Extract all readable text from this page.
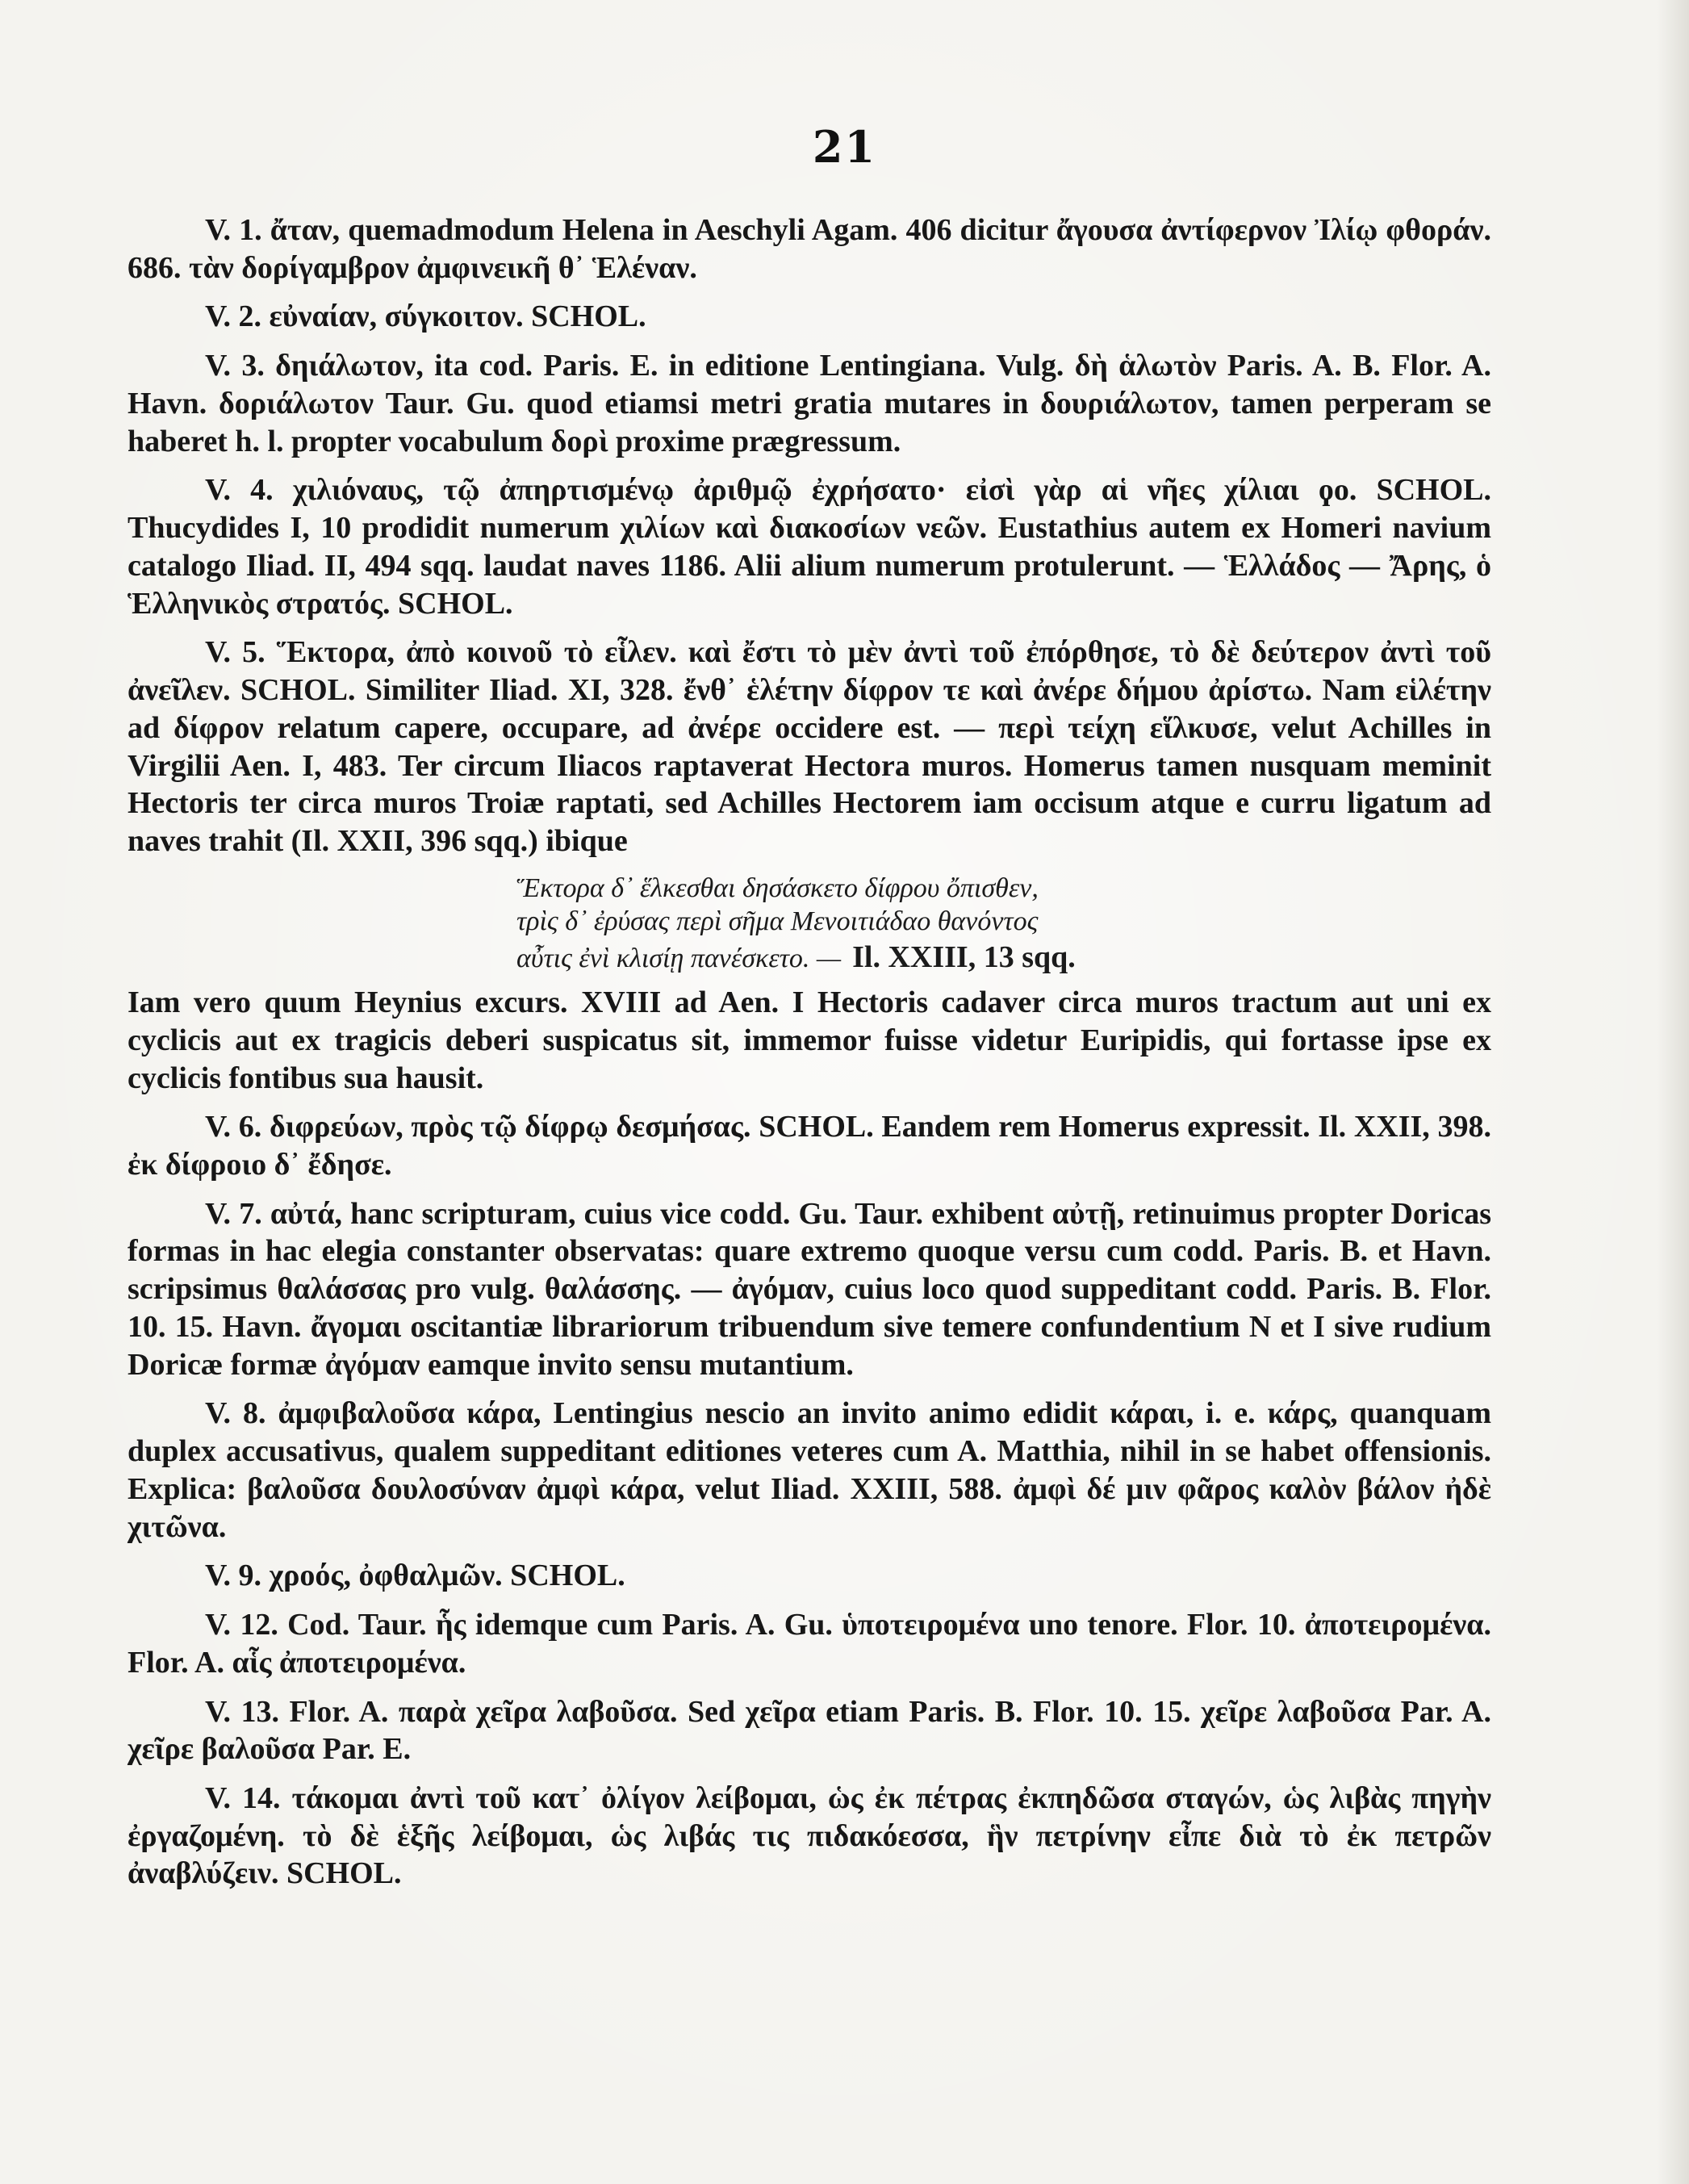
21

V. 1. ἄταν, quemadmodum Helena in Aeschyli Agam. 406 dicitur ἄγουσα ἀντίφερνον Ἰλίῳ φθοράν. 686. τὰν δορίγαμβρον ἀμφινεικῆ θ᾽ Ἑλέναν.

V. 2. εὐναίαν, σύγκοιτον. SCHOL.

V. 3. δηιάλωτον, ita cod. Paris. E. in editione Lentingiana. Vulg. δὴ ἁλωτὸν Paris. A. B. Flor. A. Havn. δοριάλωτον Taur. Gu. quod etiamsi metri gratia mutares in δουριάλωτον, tamen perperam se haberet h. l. propter vocabulum δορὶ proxime prægressum.

V. 4. χιλιόναυς, τῷ ἀπηρτισμένῳ ἀριθμῷ ἐχρήσατο· εἰσὶ γὰρ αἱ νῆες χίλιαι ϙο. SCHOL. Thucydides I, 10 prodidit numerum χιλίων καὶ διακοσίων νεῶν. Eustathius autem ex Homeri navium catalogo Iliad. II, 494 sqq. laudat naves 1186. Alii alium numerum protulerunt. — Ἑλλάδος — Ἄρης, ὁ Ἑλληνικὸς στρατός. SCHOL.

V. 5. Ἕκτορα, ἀπὸ κοινοῦ τὸ εἷλεν. καὶ ἔστι τὸ μὲν ἀντὶ τοῦ ἐπόρθησε, τὸ δὲ δεύτερον ἀντὶ τοῦ ἀνεῖλεν. SCHOL. Similiter Iliad. XI, 328. ἔνθ᾽ ἑλέτην δίφρον τε καὶ ἀνέρε δήμου ἀρίστω. Nam εἱλέτην ad δίφρον relatum capere, occupare, ad ἀνέρε occidere est. — περὶ τείχη εἵλκυσε, velut Achilles in Virgilii Aen. I, 483. Ter circum Iliacos raptaverat Hectora muros. Homerus tamen nusquam meminit Hectoris ter circa muros Troiæ raptati, sed Achilles Hectorem iam occisum atque e curru ligatum ad naves trahit (Il. XXII, 396 sqq.) ibique

Ἕκτορα δ᾽ ἕλκεσθαι δησάσκετο δίφρου ὄπισθεν,
τρὶς δ᾽ ἐρύσας περὶ σῆμα Μενοιτιάδαο θανόντος
αὖτις ἐνὶ κλισίῃ πανέσκετο. — Il. XXIII, 13 sqq.

Iam vero quum Heynius excurs. XVIII ad Aen. I Hectoris cadaver circa muros tractum aut uni ex cyclicis aut ex tragicis deberi suspicatus sit, immemor fuisse videtur Euripidis, qui fortasse ipse ex cyclicis fontibus sua hausit.

V. 6. διφρεύων, πρὸς τῷ δίφρῳ δεσμήσας. SCHOL. Eandem rem Homerus expressit. Il. XXII, 398. ἐκ δίφροιο δ᾽ ἔδησε.

V. 7. αὐτά, hanc scripturam, cuius vice codd. Gu. Taur. exhibent αὐτῇ, retinuimus propter Doricas formas in hac elegia constanter observatas: quare extremo quoque versu cum codd. Paris. B. et Havn. scripsimus θαλάσσας pro vulg. θαλάσσης. — ἀγόμαν, cuius loco quod suppeditant codd. Paris. B. Flor. 10. 15. Havn. ἄγομαι oscitantiæ librariorum tribuendum sive temere confundentium N et I sive rudium Doricæ formæ ἀγόμαν eamque invito sensu mutantium.

V. 8. ἀμφιβαλοῦσα κάρα, Lentingius nescio an invito animo edidit κάραι, i. e. κάρς, quanquam duplex accusativus, qualem suppeditant editiones veteres cum A. Matthia, nihil in se habet offensionis. Explica: βαλοῦσα δουλοσύναν ἀμφὶ κάρα, velut Iliad. XXIII, 588. ἀμφὶ δέ μιν φᾶρος καλὸν βάλον ἠδὲ χιτῶνα.

V. 9. χροός, ὀφθαλμῶν. SCHOL.

V. 12. Cod. Taur. ἧς idemque cum Paris. A. Gu. ὑποτειρομένα uno tenore. Flor. 10. ἀποτειρομένα. Flor. A. αἷς ἀποτειρομένα.

V. 13. Flor. A. παρὰ χεῖρα λαβοῦσα. Sed χεῖρα etiam Paris. B. Flor. 10. 15. χεῖρε λαβοῦσα Par. A. χεῖρε βαλοῦσα Par. E.

V. 14. τάκομαι ἀντὶ τοῦ κατ᾽ ὀλίγον λείβομαι, ὡς ἐκ πέτρας ἐκπηδῶσα σταγών, ὡς λιβὰς πηγὴν ἐργαζομένη. τὸ δὲ ἑξῆς λείβομαι, ὡς λιβάς τις πιδακόεσσα, ἣν πετρίνην εἶπε διὰ τὸ ἐκ πετρῶν ἀναβλύζειν. SCHOL.
